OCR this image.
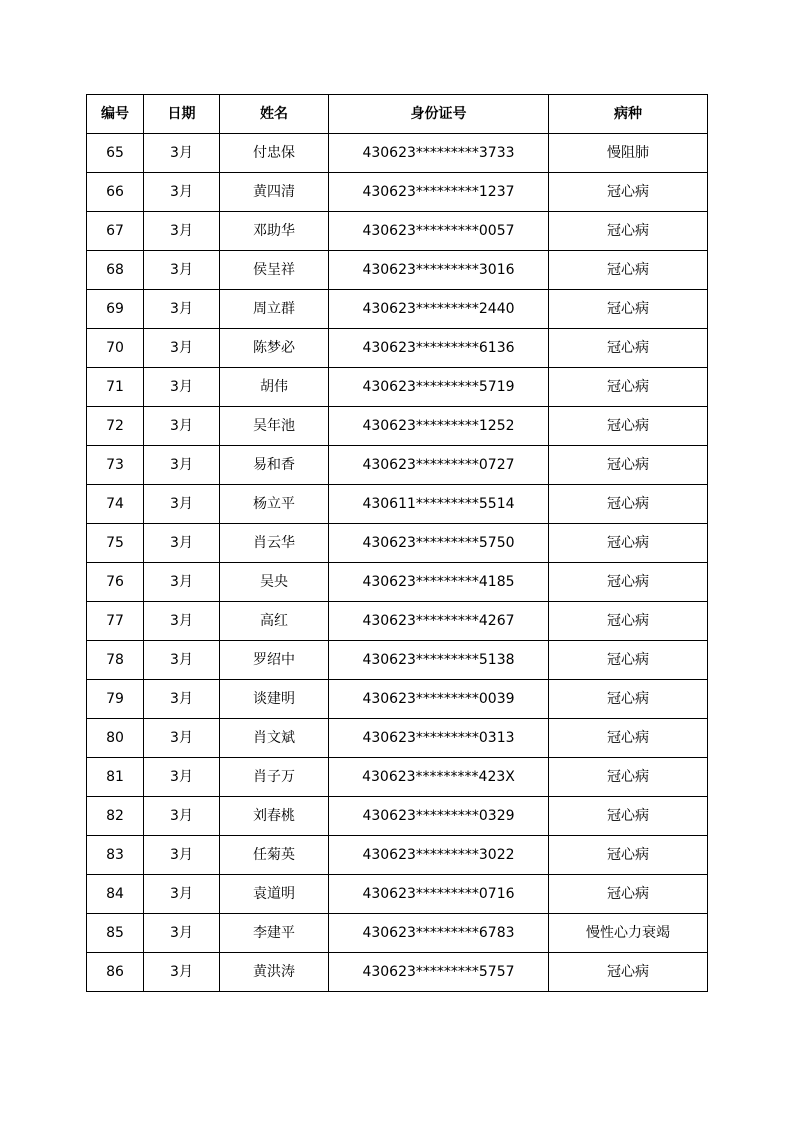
编号	日期	姓名	身份证号	病种
65	3月	付忠保	430623*********3733	慢阻肺
66	3月	黄四清	430623*********1237	冠心病
67	3月	邓助华	430623*********0057	冠心病
68	3月	侯呈祥	430623*********3016	冠心病
69	3月	周立群	430623*********2440	冠心病
70	3月	陈梦必	430623*********6136	冠心病
71	3月	胡伟	430623*********5719	冠心病
72	3月	吴年池	430623*********1252	冠心病
73	3月	易和香	430623*********0727	冠心病
74	3月	杨立平	430611*********5514	冠心病
75	3月	肖云华	430623*********5750	冠心病
76	3月	吴央	430623*********4185	冠心病
77	3月	高红	430623*********4267	冠心病
78	3月	罗绍中	430623*********5138	冠心病
79	3月	谈建明	430623*********0039	冠心病
80	3月	肖文斌	430623*********0313	冠心病
81	3月	肖子万	430623*********423X	冠心病
82	3月	刘春桃	430623*********0329	冠心病
83	3月	任菊英	430623*********3022	冠心病
84	3月	袁道明	430623*********0716	冠心病
85	3月	李建平	430623*********6783	慢性心力衰竭
86	3月	黄洪涛	430623*********5757	冠心病
